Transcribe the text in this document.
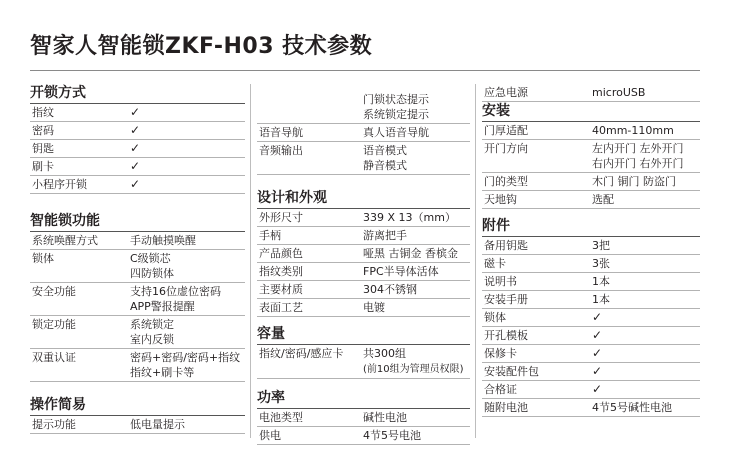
智家人智能锁ZKF-H03 技术参数
开锁方式
指纹	✓
密码	✓
钥匙	✓
刷卡	✓
小程序开锁	✓
智能锁功能
系统唤醒方式	手动触摸唤醒
锁体	C级锁芯
四防锁体
安全功能	支持16位虚位密码
APP警报提醒
锁定功能	系统锁定
室内反锁
双重认证	密码+密码/密码+指纹
指纹+刷卡等
操作简易
提示功能	低电量提示
门锁状态提示
系统锁定提示
语音导航	真人语音导航
音频输出	语音模式
静音模式
设计和外观
外形尺寸	339 X 13（mm）
手柄	游离把手
产品颜色	哑黑 古铜金 香槟金
指纹类别	FPC半导体活体
主要材质	304不锈钢
表面工艺	电镀
容量
指纹/密码/感应卡	共300组
(前10组为管理员权限)
功率
电池类型	碱性电池
供电	4节5号电池
应急电源	microUSB
安装
门厚适配	40mm-110mm
开门方向	左内开门 左外开门
右内开门 右外开门
门的类型	木门 铜门 防盗门
天地钩	选配
附件
备用钥匙	3把
磁卡	3张
说明书	1本
安装手册	1本
锁体	✓
开孔模板	✓
保修卡	✓
安装配件包	✓
合格证	✓
随附电池	4节5号碱性电池
